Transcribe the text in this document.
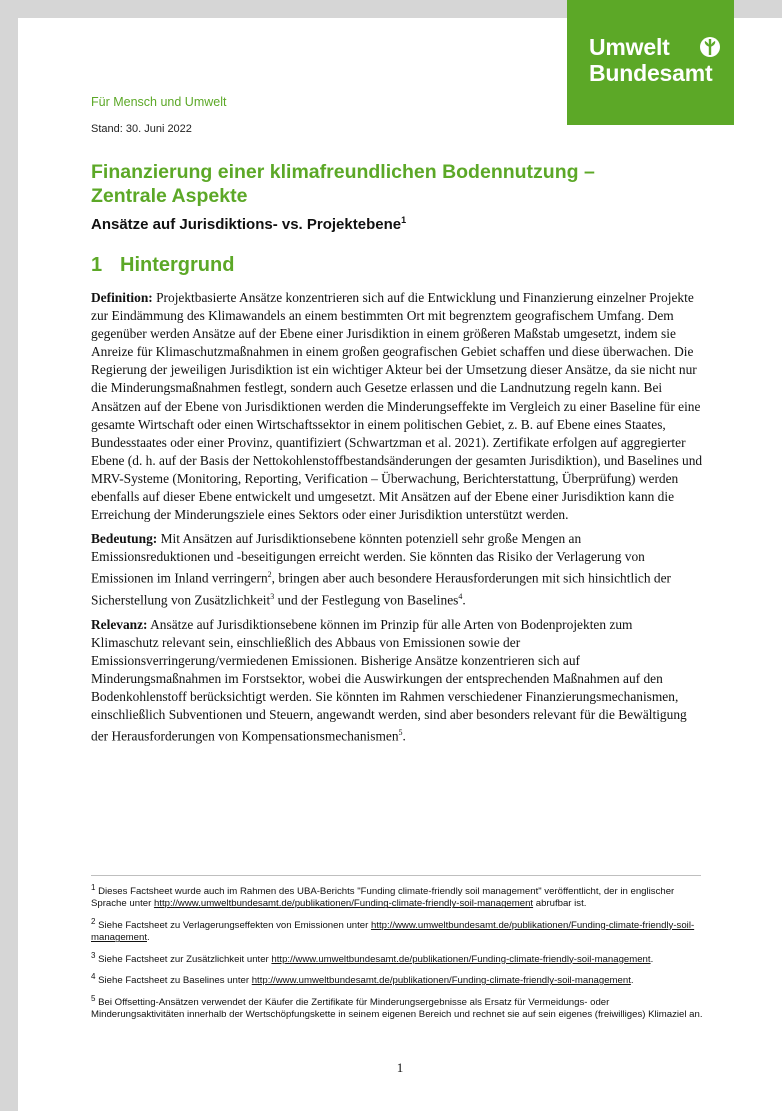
Umwelt
Bundesamt
Für Mensch und Umwelt
Stand: 30. Juni 2022
Finanzierung einer klimafreundlichen Bodennutzung – Zentrale Aspekte
Ansätze auf Jurisdiktions- vs. Projektebene$^1$
1 Hintergrund

Definition: Projektbasierte Ansätze konzentrieren sich auf die Entwicklung und Finanzierung einzelner Projekte zur Eindämmung des Klimawandels an einem bestimmten Ort mit begrenztem geografischem Umfang. Dem gegenüber werden Ansätze auf der Ebene einer Jurisdiktion in einem größeren Maßstab umgesetzt, indem sie Anreize für Klimaschutzmaßnahmen in einem großen geografischen Gebiet schaffen und diese überwachen. Die Regierung der jeweiligen Jurisdiktion ist ein wichtiger Akteur bei der Umsetzung dieser Ansätze, da sie nicht nur die Minderungsmaßnahmen festlegt, sondern auch Gesetze erlassen und die Landnutzung regeln kann. Bei Ansätzen auf der Ebene von Jurisdiktionen werden die Minderungseffekte im Vergleich zu einer Baseline für eine gesamte Wirtschaft oder einen Wirtschaftssektor in einem politischen Gebiet, z. B. auf Ebene eines Staates, Bundesstaates oder einer Provinz, quantifiziert (Schwartzman et al. 2021). Zertifikate erfolgen auf aggregierter Ebene (d. h. auf der Basis der Nettokohlenstoffbestandsänderungen der gesamten Jurisdiktion), und Baselines und MRV-Systeme (Monitoring, Reporting, Verification – Überwachung, Berichterstattung, Überprüfung) werden ebenfalls auf dieser Ebene entwickelt und umgesetzt. Mit Ansätzen auf der Ebene einer Jurisdiktion kann die Erreichung der Minderungsziele eines Sektors oder einer Jurisdiktion unterstützt werden.

Bedeutung: Mit Ansätzen auf Jurisdiktionsebene könnten potenziell sehr große Mengen an Emissionsreduktionen und -beseitigungen erreicht werden. Sie könnten das Risiko der Verlagerung von Emissionen im Inland verringern$^2$, bringen aber auch besondere Herausforderungen mit sich hinsichtlich der Sicherstellung von Zusätzlichkeit$^3$ und der Festlegung von Baselines$^4$.

Relevanz: Ansätze auf Jurisdiktionsebene können im Prinzip für alle Arten von Bodenprojekten zum Klimaschutz relevant sein, einschließlich des Abbaus von Emissionen sowie der Emissionsverringerung/vermiedenen Emissionen. Bisherige Ansätze konzentrieren sich auf Minderungsmaßnahmen im Forstsektor, wobei die Auswirkungen der entsprechenden Maßnahmen auf den Bodenkohlenstoff berücksichtigt werden. Sie könnten im Rahmen verschiedener Finanzierungsmechanismen, einschließlich Subventionen und Steuern, angewandt werden, sind aber besonders relevant für die Bewältigung der Herausforderungen von Kompensationsmechanismen$^5$.

$^1$ Dieses Factsheet wurde auch im Rahmen des UBA-Berichts "Funding climate-friendly soil management" veröffentlicht, der in englischer Sprache unter http://www.umweltbundesamt.de/publikationen/Funding-climate-friendly-soil-management abrufbar ist.
$^2$ Siehe Factsheet zu Verlagerungseffekten von Emissionen unter http://www.umweltbundesamt.de/publikationen/Funding-climate-friendly-soil-management.
$^3$ Siehe Factsheet zur Zusätzlichkeit unter http://www.umweltbundesamt.de/publikationen/Funding-climate-friendly-soil-management.
$^4$ Siehe Factsheet zu Baselines unter http://www.umweltbundesamt.de/publikationen/Funding-climate-friendly-soil-management.
$^5$ Bei Offsetting-Ansätzen verwendet der Käufer die Zertifikate für Minderungsergebnisse als Ersatz für Vermeidungs- oder Minderungsaktivitäten innerhalb der Wertschöpfungskette in seinem eigenen Bereich und rechnet sie auf sein eigenes (freiwilliges) Klimaziel an.
1
